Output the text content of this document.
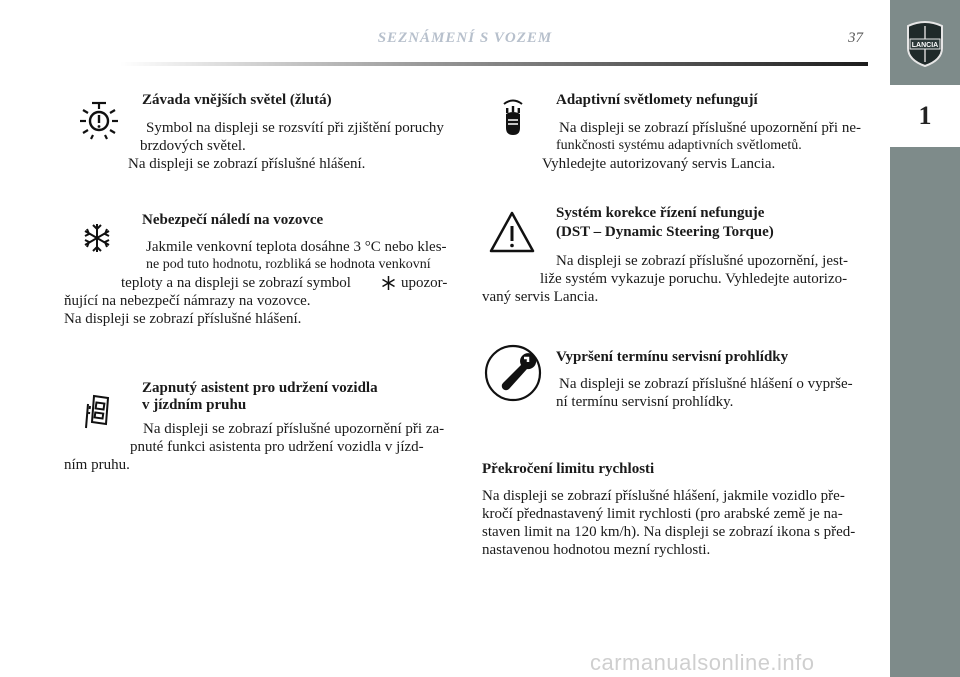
SEZNÁMENÍ S VOZEM	37	LANCIA
1

Závada vnějších světel (žlutá)

Symbol na displeji se rozsvítí při zjištění poruchy

brzdových světel.

Na displeji se zobrazí příslušné hlášení.

Nebezpečí náledí na vozovce

Jakmile venkovní teplota dosáhne 3 °C nebo kles-

ne pod tuto hodnotu, rozbliká se hodnota venkovní

teploty a na displeji se zobrazí symbol	upozor-

ňující na nebezpečí námrazy na vozovce.

Na displeji se zobrazí příslušné hlášení.

Zapnutý asistent pro udržení vozidla

v jízdním pruhu

Na displeji se zobrazí příslušné upozornění při za-

pnuté funkci asistenta pro udržení vozidla v jízd-

ním pruhu.

Adaptivní světlomety nefungují

Na displeji se zobrazí příslušné upozornění při ne-

funkčnosti systému adaptivních světlometů.

Vyhledejte autorizovaný servis Lancia.

Systém korekce řízení nefunguje

(DST – Dynamic Steering Torque)

Na displeji se zobrazí příslušné upozornění, jest-

liže systém vykazuje poruchu. Vyhledejte autorizo-

vaný servis Lancia.

Vypršení termínu servisní prohlídky

Na displeji se zobrazí příslušné hlášení o vyprše-

ní termínu servisní prohlídky.

Překročení limitu rychlosti

Na displeji se zobrazí příslušné hlášení, jakmile vozidlo pře-

kročí přednastavený limit rychlosti (pro arabské země je na-

staven limit na 120 km/h). Na displeji se zobrazí ikona s před-

nastavenou hodnotou mezní rychlosti.

carmanualsonline.info
